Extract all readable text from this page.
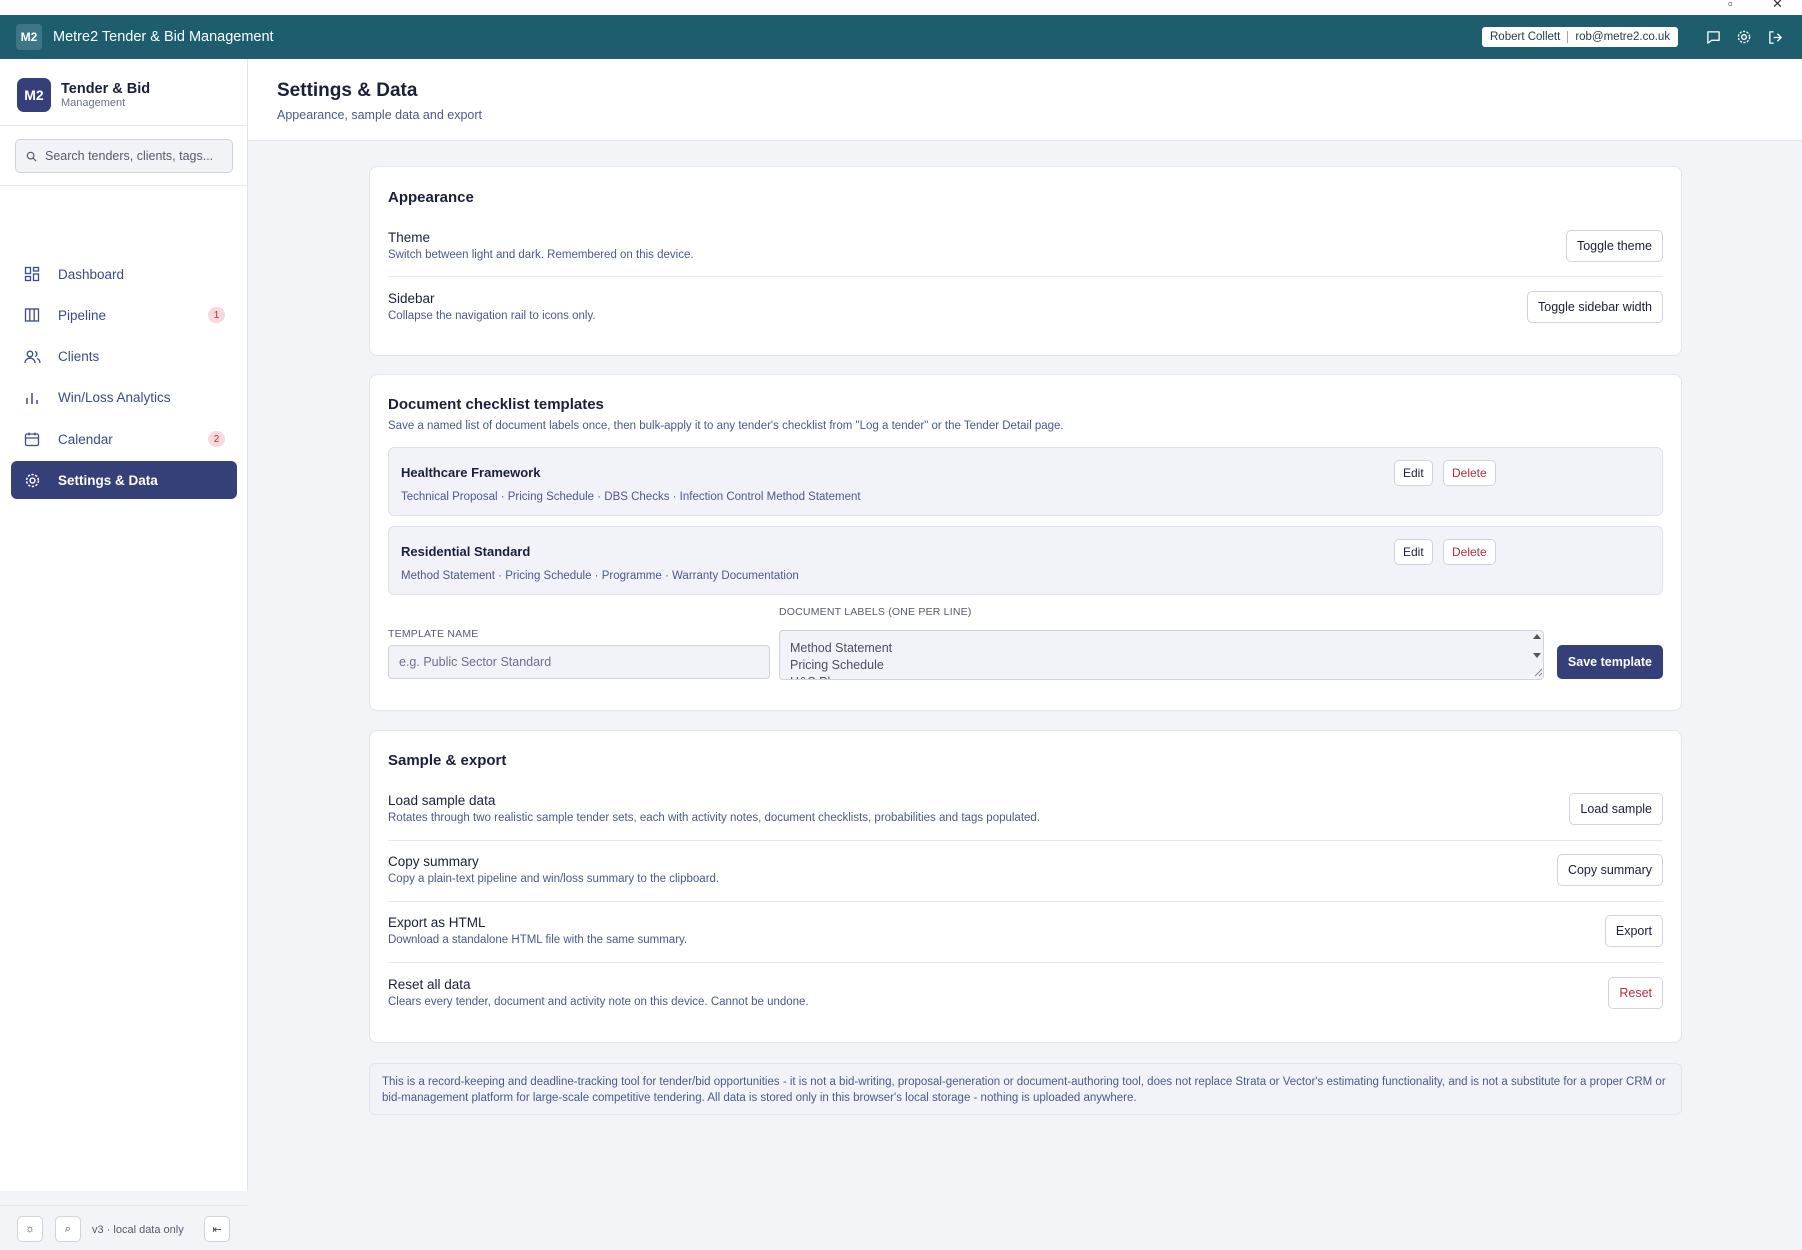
▫	✕
M2	Metre2 Tender & Bid Management	Robert Collett rob@metre2.co.uk
M2	Tender & Bid
Management
Search tenders, clients, tags...
Dashboard
Pipeline	1
Clients
Win/Loss Analytics
Calendar	2
Settings & Data
☼	⌕ v3 · local data only	⇤
Settings & Data
Appearance, sample data and export
Appearance
Theme
Switch between light and dark. Remembered on this device.
Toggle theme
Sidebar
Collapse the navigation rail to icons only.
Toggle sidebar width
Document checklist templates
Save a named list of document labels once, then bulk-apply it to any tender's checklist from "Log a tender" or the Tender Detail page.
Healthcare Framework
Technical Proposal · Pricing Schedule · DBS Checks · Infection Control Method Statement
Edit	Delete
Residential Standard
Method Statement · Pricing Schedule · Programme · Warranty Documentation
Edit	Delete
TEMPLATE NAME
e.g. Public Sector Standard
DOCUMENT LABELS (ONE PER LINE)
Method Statement Pricing Schedule H&S Plan
Save template
Sample & export
Load sample data
Rotates through two realistic sample tender sets, each with activity notes, document checklists, probabilities and tags populated.
Load sample
Copy summary
Copy a plain-text pipeline and win/loss summary to the clipboard.
Copy summary
Export as HTML
Download a standalone HTML file with the same summary.
Export
Reset all data
Clears every tender, document and activity note on this device. Cannot be undone.
Reset
This is a record-keeping and deadline-tracking tool for tender/bid opportunities - it is not a bid-writing, proposal-generation or document-authoring tool, does not replace Strata or Vector's estimating functionality, and is not a substitute for a proper CRM or bid-management platform for large-scale competitive tendering. All data is stored only in this browser's local storage - nothing is uploaded anywhere.
